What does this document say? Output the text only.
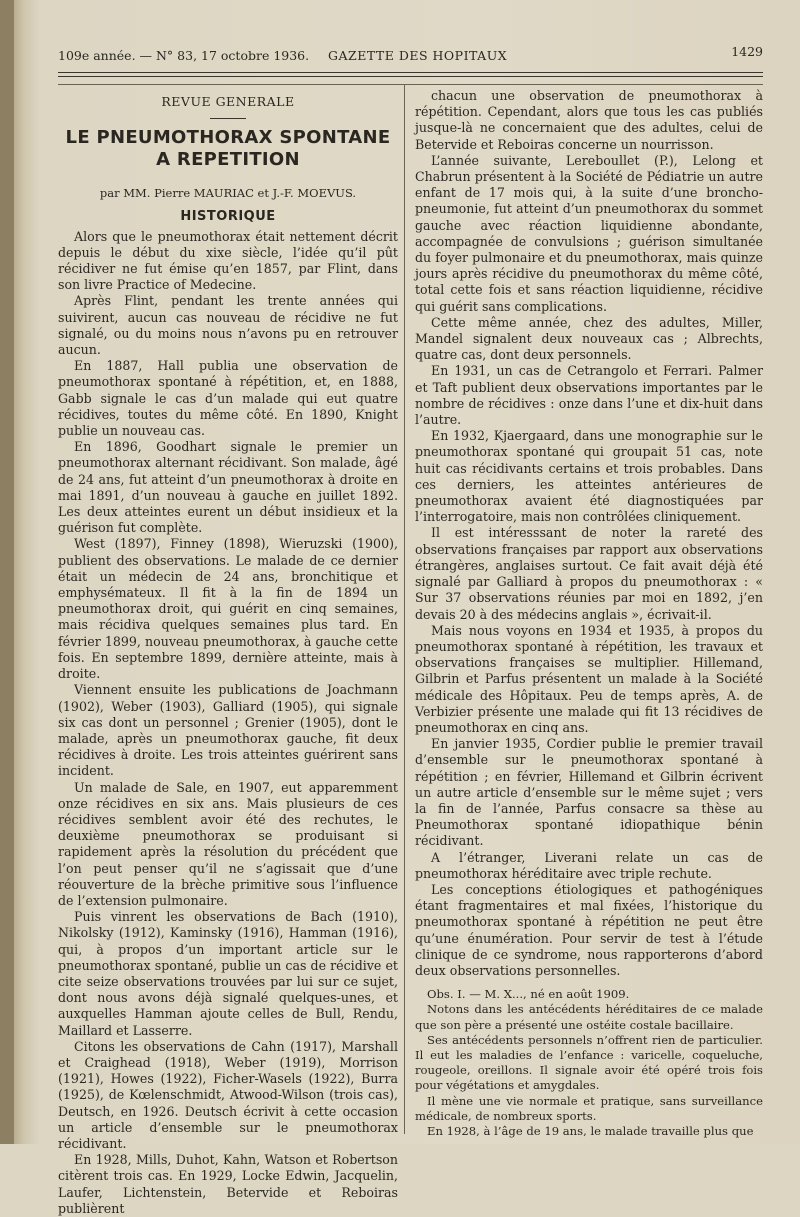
109e année. — N° 83, 17 octobre 1936. GAZETTE DES HOPITAUX	1429
REVUE GENERALE
LE PNEUMOTHORAX SPONTANE
A REPETITION
par MM. Pierre MAURIAC et J.-F. MOEVUS.
HISTORIQUE

Alors que le pneumothorax était nettement décrit depuis le début du xixe siècle, l’idée qu’il pût récidiver ne fut émise qu’en 1857, par Flint, dans son livre Practice of Medecine.

Après Flint, pendant les trente années qui suivirent, aucun cas nouveau de récidive ne fut signalé, ou du moins nous n’avons pu en retrouver aucun.

En 1887, Hall publia une observation de pneumothorax spontané à répétition, et, en 1888, Gabb signale le cas d’un malade qui eut quatre récidives, toutes du même côté. En 1890, Knight publie un nouveau cas.

En 1896, Goodhart signale le premier un pneumothorax alternant récidivant. Son malade, âgé de 24 ans, fut atteint d’un pneumothorax à droite en mai 1891, d’un nouveau à gauche en juillet 1892. Les deux atteintes eurent un début insidieux et la guérison fut complète.

West (1897), Finney (1898), Wieruzski (1900), publient des observations. Le malade de ce dernier était un médecin de 24 ans, bronchitique et emphysémateux. Il fit à la fin de 1894 un pneumothorax droit, qui guérit en cinq semaines, mais récidiva quelques semaines plus tard. En février 1899, nouveau pneumothorax, à gauche cette fois. En septembre 1899, dernière atteinte, mais à droite.

Viennent ensuite les publications de Joachmann (1902), Weber (1903), Galliard (1905), qui signale six cas dont un personnel ; Grenier (1905), dont le malade, après un pneumothorax gauche, fit deux récidives à droite. Les trois atteintes guérirent sans incident.

Un malade de Sale, en 1907, eut apparemment onze récidives en six ans. Mais plusieurs de ces récidives semblent avoir été des rechutes, le deuxième pneumothorax se produisant si rapidement après la résolution du précédent que l’on peut penser qu’il ne s’agissait que d’une réouverture de la brèche primitive sous l’influence de l’extension pulmonaire.

Puis vinrent les observations de Bach (1910), Nikolsky (1912), Kaminsky (1916), Hamman (1916), qui, à propos d’un important article sur le pneumothorax spontané, publie un cas de récidive et cite seize observations trouvées par lui sur ce sujet, dont nous avons déjà signalé quelques-unes, et auxquelles Hamman ajoute celles de Bull, Rendu, Maillard et Lasserre.

Citons les observations de Cahn (1917), Marshall et Craighead (1918), Weber (1919), Morrison (1921), Howes (1922), Ficher-Wasels (1922), Burra (1925), de Kœlenschmidt, Atwood-Wilson (trois cas), Deutsch, en 1926. Deutsch écrivit à cette occasion un article d’ensemble sur le pneumothorax récidivant.

En 1928, Mills, Duhot, Kahn, Watson et Robertson citèrent trois cas. En 1929, Locke Edwin, Jacquelin, Laufer, Lichtenstein, Betervide et Reboiras publièrent

chacun une observation de pneumothorax à répétition. Cependant, alors que tous les cas publiés jusque-là ne concernaient que des adultes, celui de Betervide et Reboiras concerne un nourrisson.

L’année suivante, Lereboullet (P.), Lelong et Chabrun présentent à la Société de Pédiatrie un autre enfant de 17 mois qui, à la suite d’une broncho-pneumonie, fut atteint d’un pneumothorax du sommet gauche avec réaction liquidienne abondante, accompagnée de convulsions ; guérison simultanée du foyer pulmonaire et du pneumothorax, mais quinze jours après récidive du pneumothorax du même côté, total cette fois et sans réaction liquidienne, récidive qui guérit sans complications.

Cette même année, chez des adultes, Miller, Mandel signalent deux nouveaux cas ; Albrechts, quatre cas, dont deux personnels.

En 1931, un cas de Cetrangolo et Ferrari. Palmer et Taft publient deux observations importantes par le nombre de récidives : onze dans l’une et dix-huit dans l’autre.

En 1932, Kjaergaard, dans une monographie sur le pneumothorax spontané qui groupait 51 cas, note huit cas récidivants certains et trois probables. Dans ces derniers, les atteintes antérieures de pneumothorax avaient été diagnostiquées par l’interrogatoire, mais non contrôlées cliniquement.

Il est intéresssant de noter la rareté des observations françaises par rapport aux observations étrangères, anglaises surtout. Ce fait avait déjà été signalé par Galliard à propos du pneumothorax : « Sur 37 observations réunies par moi en 1892, j’en devais 20 à des médecins anglais », écrivait-il.

Mais nous voyons en 1934 et 1935, à propos du pneumothorax spontané à répétition, les travaux et observations françaises se multiplier. Hillemand, Gilbrin et Parfus présentent un malade à la Société médicale des Hôpitaux. Peu de temps après, A. de Verbizier présente une malade qui fit 13 récidives de pneumothorax en cinq ans.

En janvier 1935, Cordier publie le premier travail d’ensemble sur le pneumothorax spontané à répétition ; en février, Hillemand et Gilbrin écrivent un autre article d’ensemble sur le même sujet ; vers la fin de l’année, Parfus consacre sa thèse au Pneumothorax spontané idiopathique bénin récidivant.

A l’étranger, Liverani relate un cas de pneumothorax héréditaire avec triple rechute.

Les conceptions étiologiques et pathogéniques étant fragmentaires et mal fixées, l’historique du pneumothorax spontané à répétition ne peut être qu’une énumération. Pour servir de test à l’étude clinique de ce syndrome, nous rapporterons d’abord deux observations personnelles.

Obs. I. — M. X..., né en août 1909.

Notons dans les antécédents héréditaires de ce malade que son père a présenté une ostéite costale bacillaire.

Ses antécédents personnels n’offrent rien de particulier. Il eut les maladies de l’enfance : varicelle, coqueluche, rougeole, oreillons. Il signale avoir été opéré trois fois pour végétations et amygdales.

Il mène une vie normale et pratique, sans surveillance médicale, de nombreux sports.

En 1928, à l’âge de 19 ans, le malade travaille plus que
